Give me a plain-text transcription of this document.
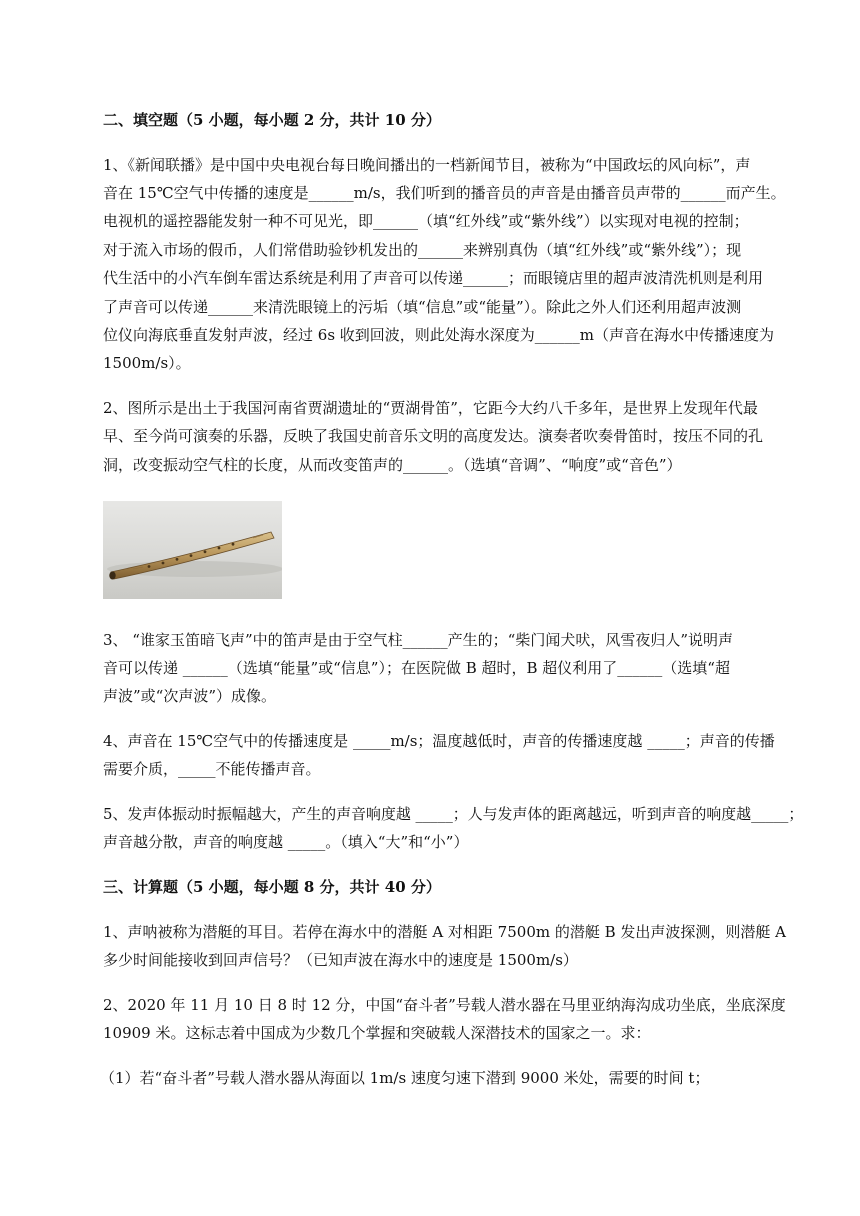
二、填空题（5 小题，每小题 2 分，共计 10 分）
1、《新闻联播》是中国中央电视台每日晚间播出的一档新闻节目，被称为“中国政坛的风向标”，声
音在 15℃空气中传播的速度是______m/s，我们听到的播音员的声音是由播音员声带的______而产生。
电视机的遥控器能发射一种不可见光，即______（填“红外线”或“紫外线”）以实现对电视的控制；
对于流入市场的假币，人们常借助验钞机发出的______来辨别真伪（填“红外线”或“紫外线”）；现
代生活中的小汽车倒车雷达系统是利用了声音可以传递______；而眼镜店里的超声波清洗机则是利用
了声音可以传递______来清洗眼镜上的污垢（填“信息”或“能量”）。除此之外人们还利用超声波测
位仪向海底垂直发射声波，经过 6s 收到回波，则此处海水深度为______m（声音在海水中传播速度为
1500m/s）。
2、图所示是出土于我国河南省贾湖遗址的“贾湖骨笛”，它距今大约八千多年，是世界上发现年代最
早、至今尚可演奏的乐器，反映了我国史前音乐文明的高度发达。演奏者吹奏骨笛时，按压不同的孔
洞，改变振动空气柱的长度，从而改变笛声的______。（选填“音调”、“响度”或“音色”）
3、 “谁家玉笛暗飞声”中的笛声是由于空气柱______产生的；“柴门闻犬吠，风雪夜归人”说明声
音可以传递 ______（选填“能量”或“信息”）；在医院做 B 超时，B 超仪利用了______（选填“超
声波”或“次声波”）成像。
4、声音在 15℃空气中的传播速度是 _____m/s；温度越低时，声音的传播速度越 _____；声音的传播
需要介质，_____不能传播声音。
5、发声体振动时振幅越大，产生的声音响度越 _____；人与发声体的距离越远，听到声音的响度越_____；
声音越分散，声音的响度越 _____。（填入“大”和“小”）
三、计算题（5 小题，每小题 8 分，共计 40 分）
1、声呐被称为潜艇的耳目。若停在海水中的潜艇 A 对相距 7500m 的潜艇 B 发出声波探测，则潜艇 A
多少时间能接收到回声信号？（已知声波在海水中的速度是 1500m/s）
2、2020 年 11 月 10 日 8 时 12 分，中国“奋斗者”号载人潜水器在马里亚纳海沟成功坐底，坐底深度
10909 米。这标志着中国成为少数几个掌握和突破载人深潜技术的国家之一。求：
（1）若“奋斗者”号载人潜水器从海面以 1m/s 速度匀速下潜到 9000 米处，需要的时间 t；
